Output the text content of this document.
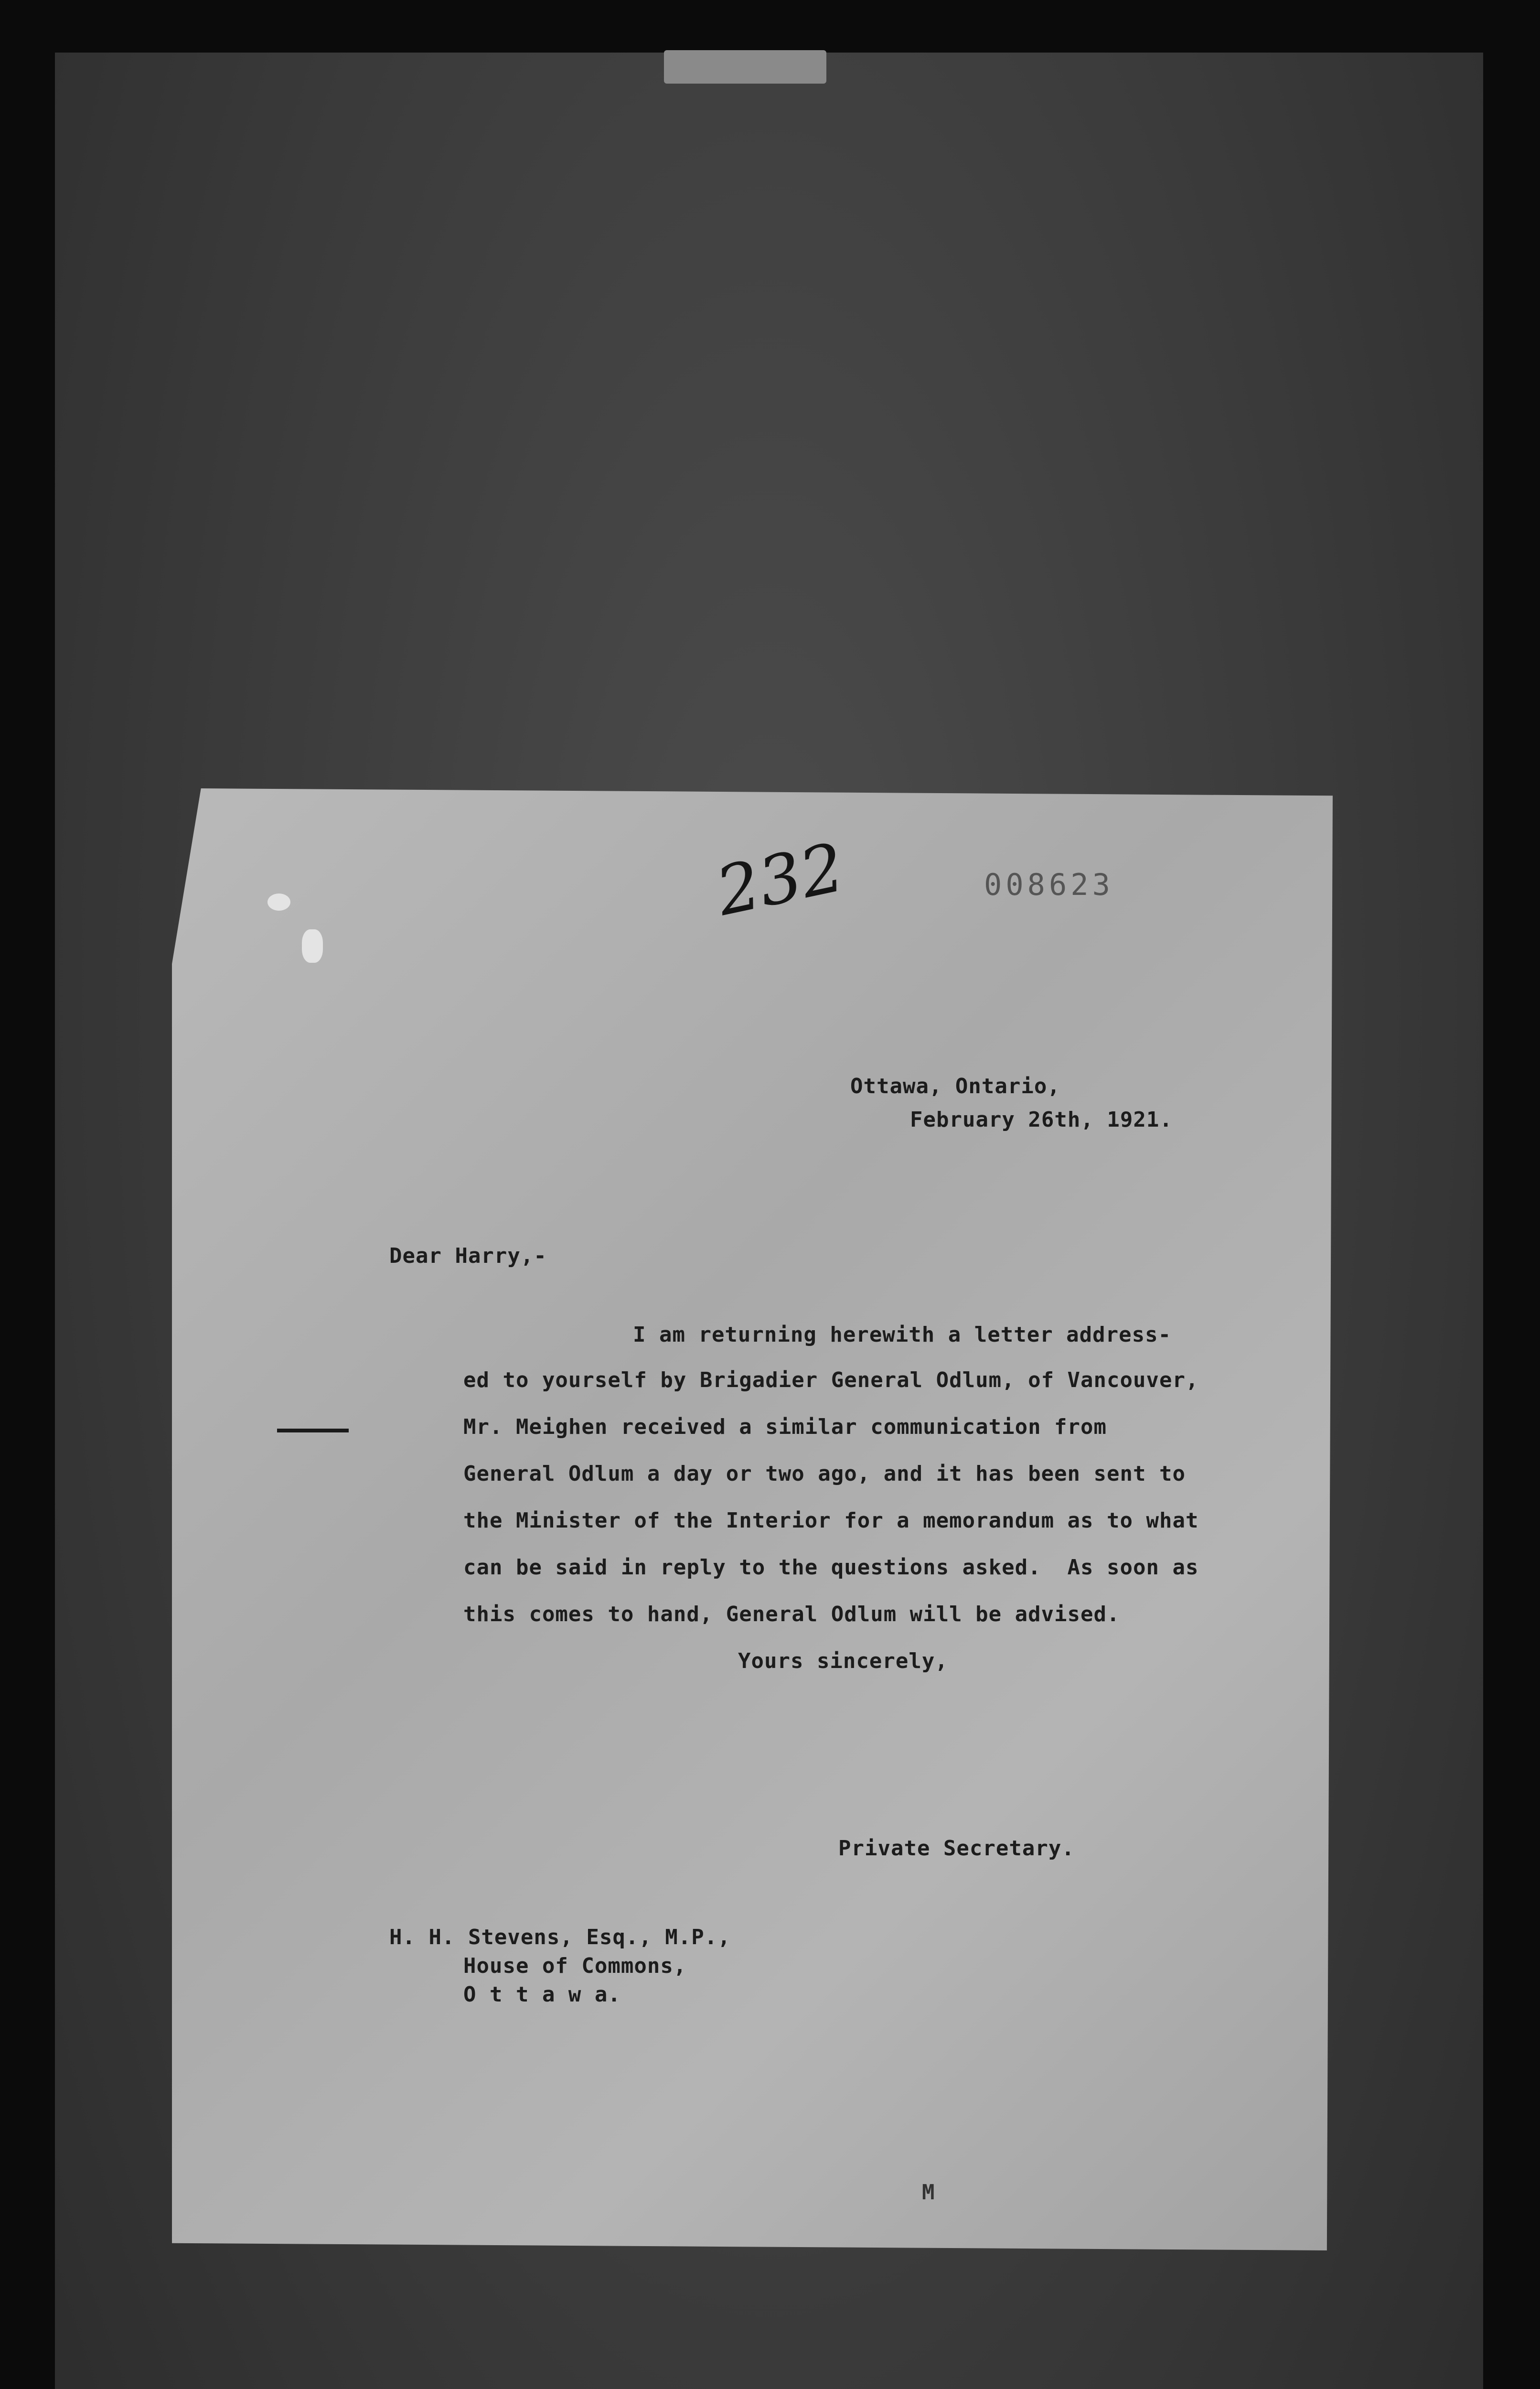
232	008623
Ottawa, Ontario,
February 26th, 1921.
Dear Harry,-
I am returning herewith a letter address-
ed to yourself by Brigadier General Odlum, of Vancouver,
Mr. Meighen received a similar communication from
General Odlum a day or two ago, and it has been sent to
the Minister of the Interior for a memorandum as to what
can be said in reply to the questions asked.  As soon as
this comes to hand, General Odlum will be advised.
Yours sincerely,
Private Secretary.
H. H. Stevens, Esq., M.P.,
House of Commons,
O t t a w a.
M
